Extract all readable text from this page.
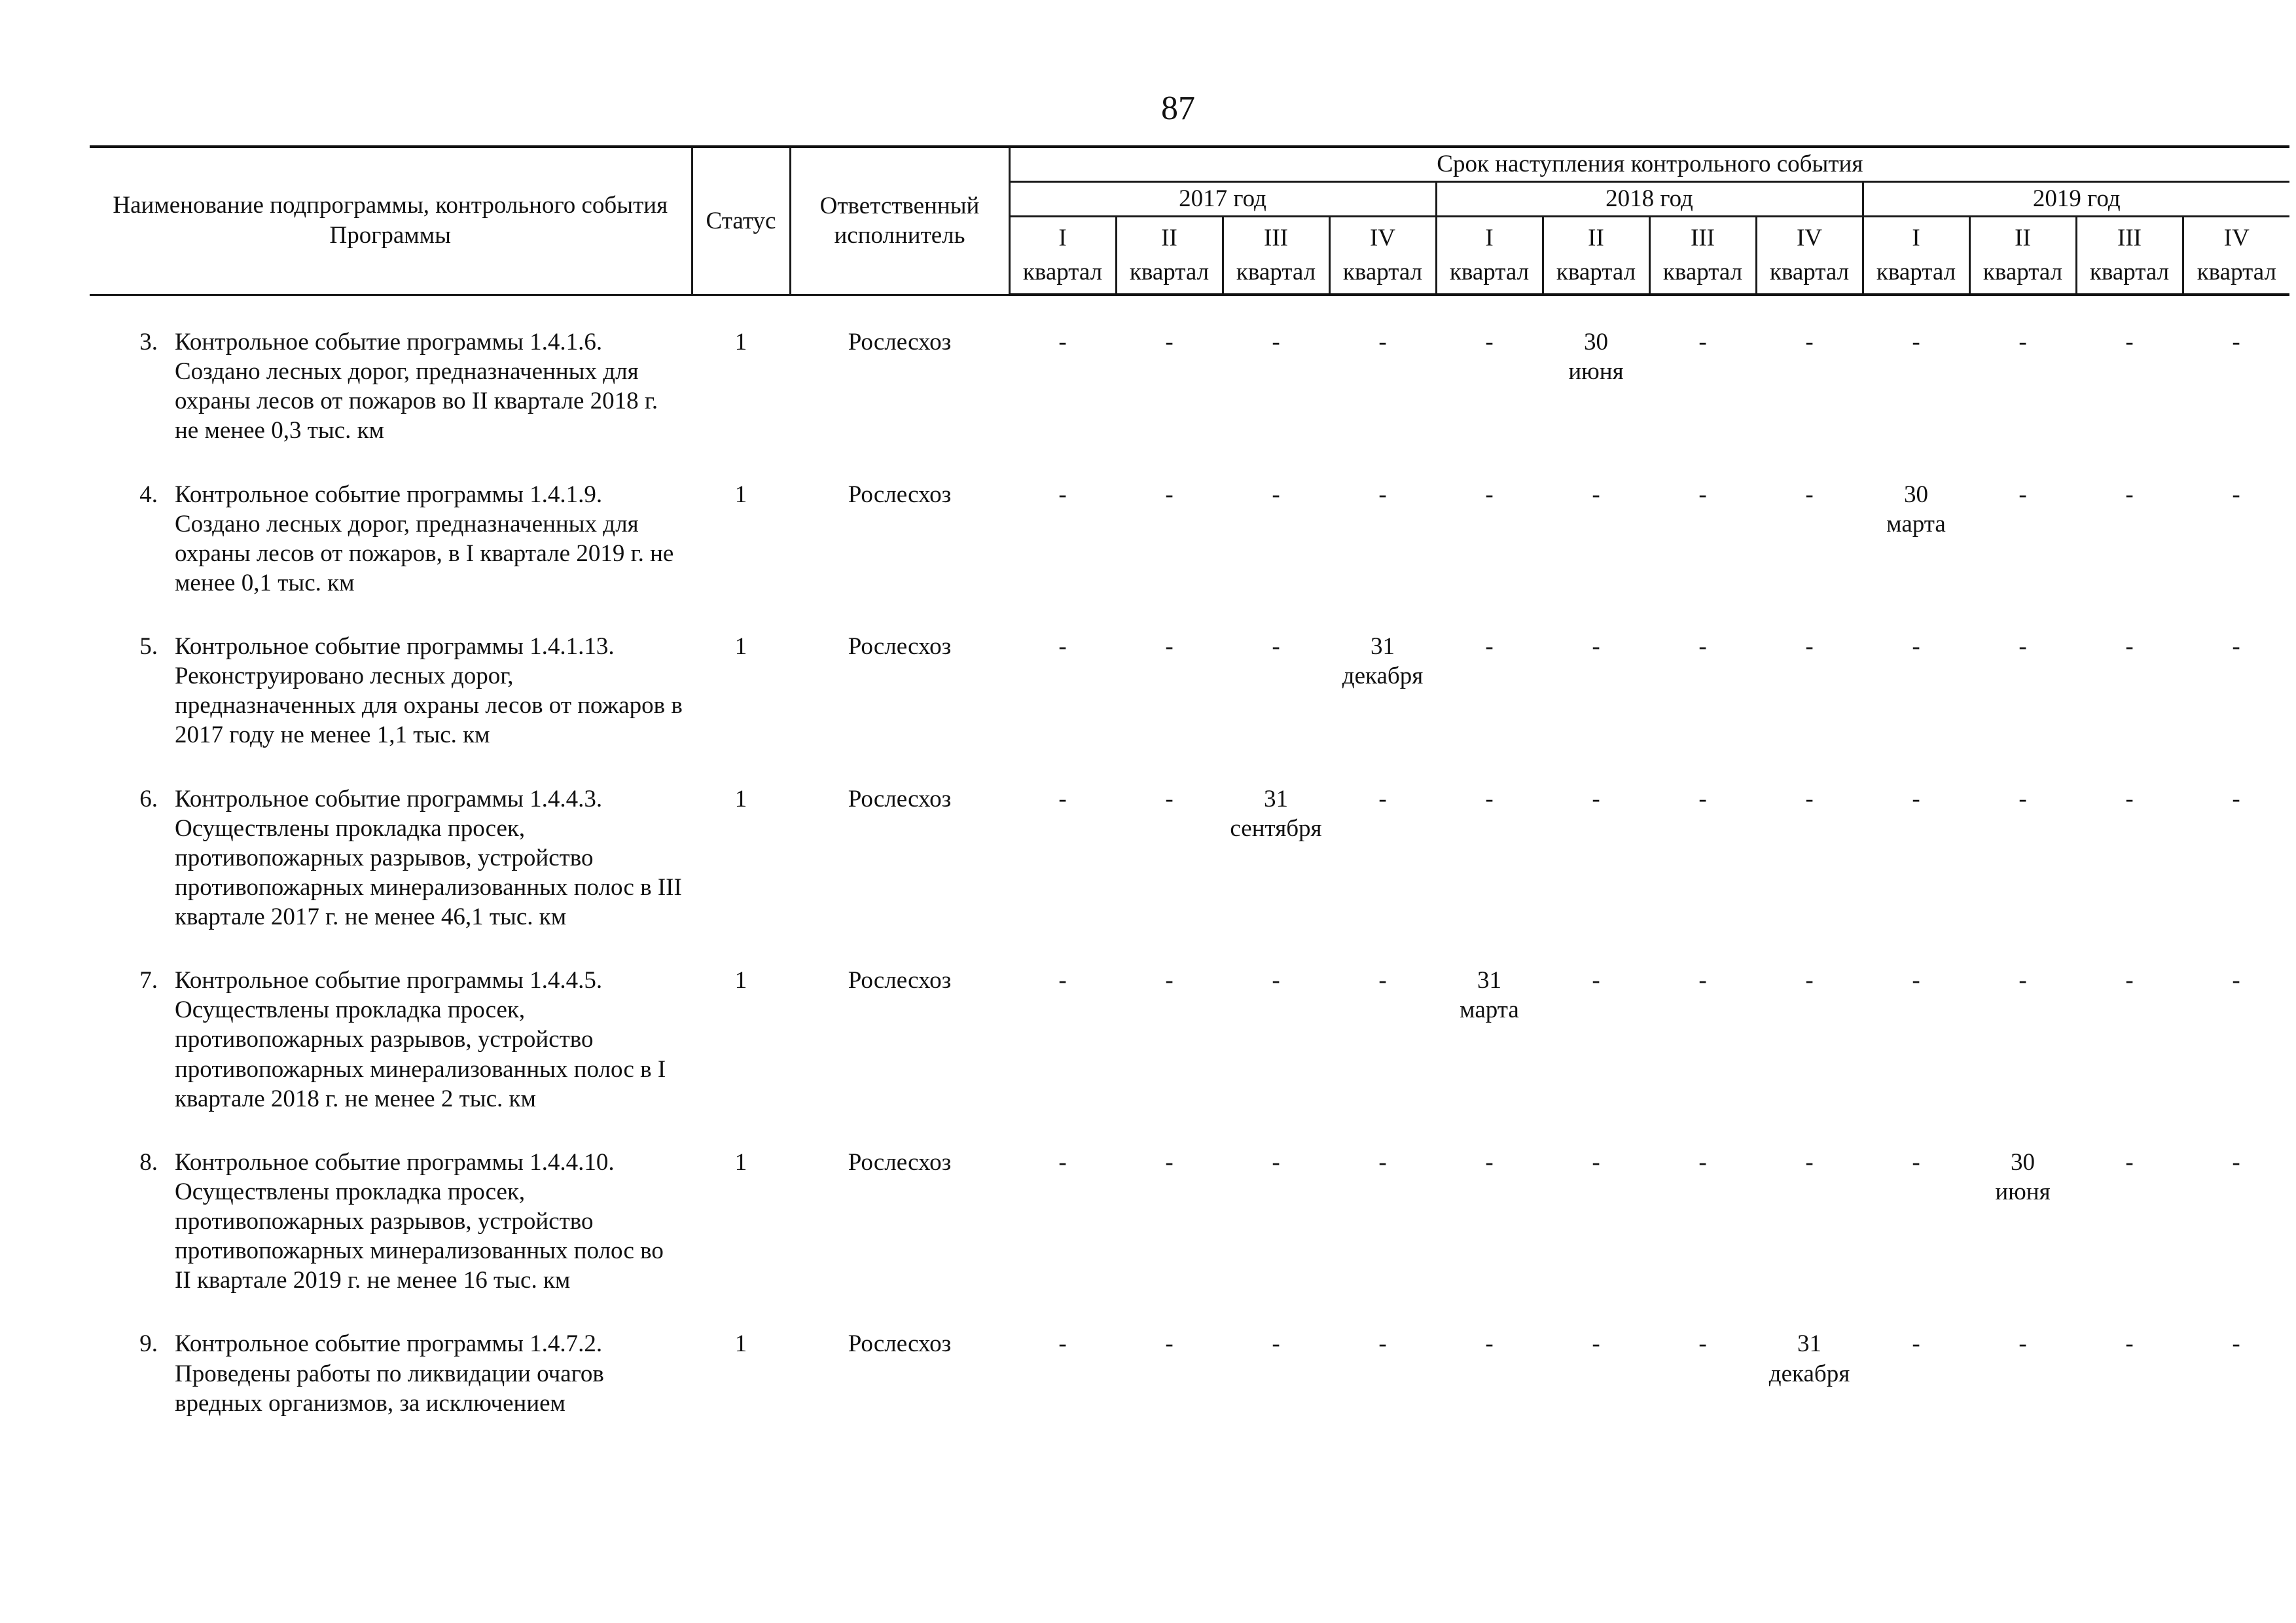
87
Наименование подпрограммы, контрольного события Программы	Статус	Ответственный исполнитель	Срок наступления контрольного события											
			2017 год				2018 год				2019 год			
			I	II	III	IV	I	II	III	IV	I	II	III	IV
			квартал	квартал	квартал	квартал	квартал	квартал	квартал	квартал	квартал	квартал	квартал	квартал

3. Контрольное событие программы 1.4.1.6. Создано лесных дорог, предназначенных для охраны лесов от пожаров во II квартале 2018 г. не менее 0,3 тыс. км	1	Рослесхоз	-	-	-	-	-	30
июня	-	-	-	-	-	-

4. Контрольное событие программы 1.4.1.9. Создано лесных дорог, предназначенных для охраны лесов от пожаров, в I квартале 2019 г. не менее 0,1 тыс. км	1	Рослесхоз	-	-	-	-	-	-	-	-	30
марта	-	-	-

5. Контрольное событие программы 1.4.1.13. Реконструировано лесных дорог, предназначенных для охраны лесов от пожаров в 2017 году не менее 1,1 тыс. км	1	Рослесхоз	-	-	-	31
декабря	-	-	-	-	-	-	-	-

6. Контрольное событие программы 1.4.4.3. Осуществлены прокладка просек, противопожарных разрывов, устройство противопожарных минерализованных полос в III квартале 2017 г. не менее 46,1 тыс. км	1	Рослесхоз	-	-	31
сентября	-	-	-	-	-	-	-	-	-

7. Контрольное событие программы 1.4.4.5. Осуществлены прокладка просек, противопожарных разрывов, устройство противопожарных минерализованных полос в I квартале 2018 г. не менее 2 тыс. км	1	Рослесхоз	-	-	-	-	31
марта	-	-	-	-	-	-	-

8. Контрольное событие программы 1.4.4.10. Осуществлены прокладка просек, противопожарных разрывов, устройство противопожарных минерализованных полос во II квартале 2019 г. не менее 16 тыс. км	1	Рослесхоз	-	-	-	-	-	-	-	-	-	30
июня	-	-

9. Контрольное событие программы 1.4.7.2. Проведены работы по ликвидации очагов вредных организмов, за исключением	1	Рослесхоз	-	-	-	-	-	-	-	31
декабря	-	-	-	-
